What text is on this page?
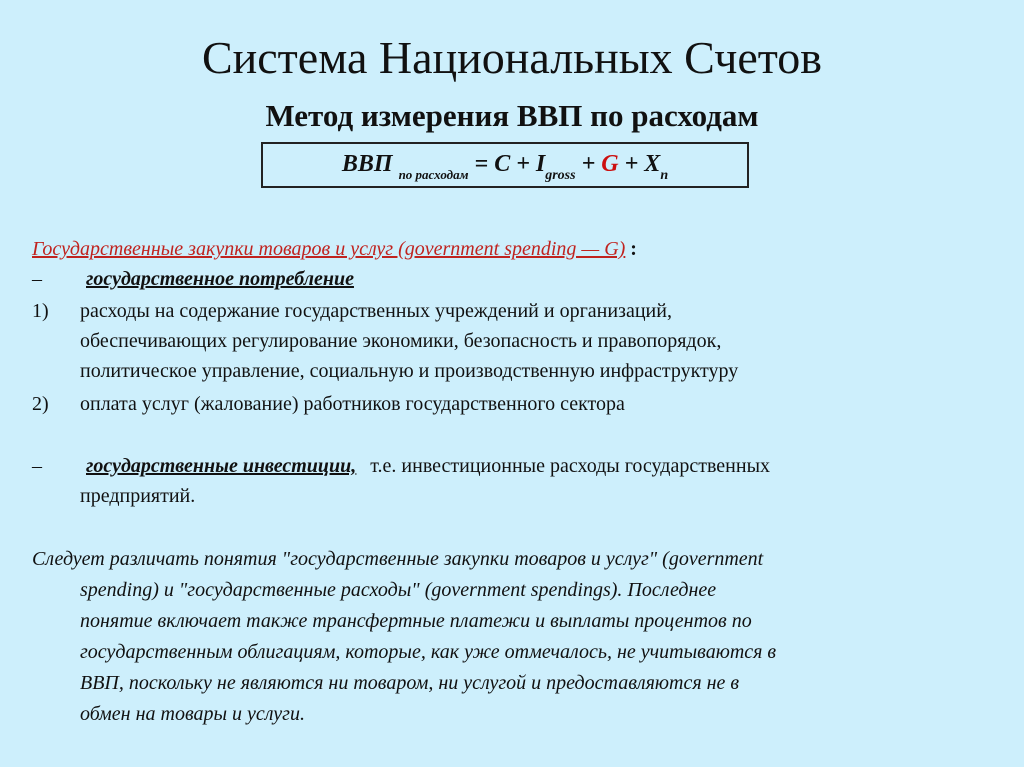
Система Национальных Счетов
Метод измерения ВВП по расходам
ВВП $_{по расходам} = C + I_{gross} + G + X_n$
Государственные закупки товаров и услуг (government spending — G) :
– государственное потребление
1) расходы на содержание государственных учреждений и организаций,
обеспечивающих регулирование экономики, безопасность и правопорядок,
политическое управление, социальную и производственную инфраструктуру
2) оплата услуг (жалование) работников государственного сектора
– государственные инвестиции, т.е. инвестиционные расходы государственных
предприятий.
Следует различать понятия "государственные закупки товаров и услуг" (government
spending) и "государственные расходы" (government spendings). Последнее
понятие включает также трансфертные платежи и выплаты процентов по
государственным облигациям, которые, как уже отмечалось, не учитываются в
ВВП, поскольку не являются ни товаром, ни услугой и предоставляются не в
обмен на товары и услуги.
